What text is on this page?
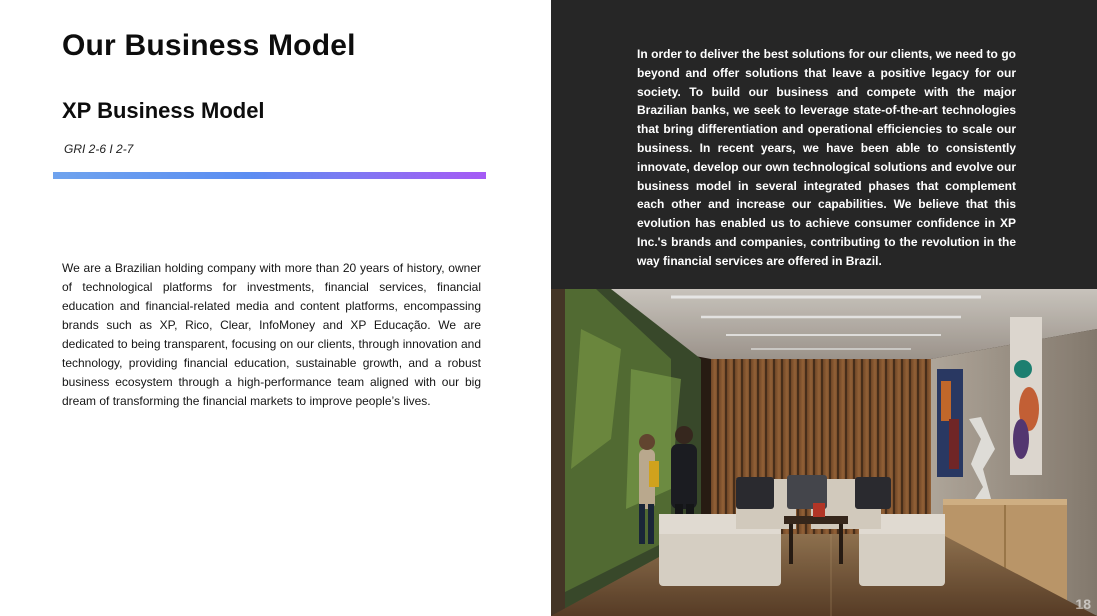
Our Business Model
XP Business Model
GRI 2-6 I 2-7

We are a Brazilian holding company with more than 20 years of history, owner of technological platforms for investments, financial services, financial education and financial-related media and content platforms, encompassing brands such as XP, Rico, Clear, InfoMoney and XP Educação. We are dedicated to being transparent, focusing on our clients, through innovation and technology, providing financial education, sustainable growth, and a robust business ecosystem through a high-performance team aligned with our big dream of transforming the financial markets to improve people’s lives.

In order to deliver the best solutions for our clients, we need to go beyond and offer solutions that leave a positive legacy for our society. To build our business and compete with the major Brazilian banks, we seek to leverage state-of-the-art technologies that bring differentiation and operational efficiencies to scale our business. In recent years, we have been able to consistently innovate, develop our own technological solutions and evolve our business model in several integrated phases that complement each other and increase our capabilities. We believe that this evolution has enabled us to achieve consumer confidence in XP Inc.'s brands and companies, contributing to the revolution in the way financial services are offered in Brazil.

18
